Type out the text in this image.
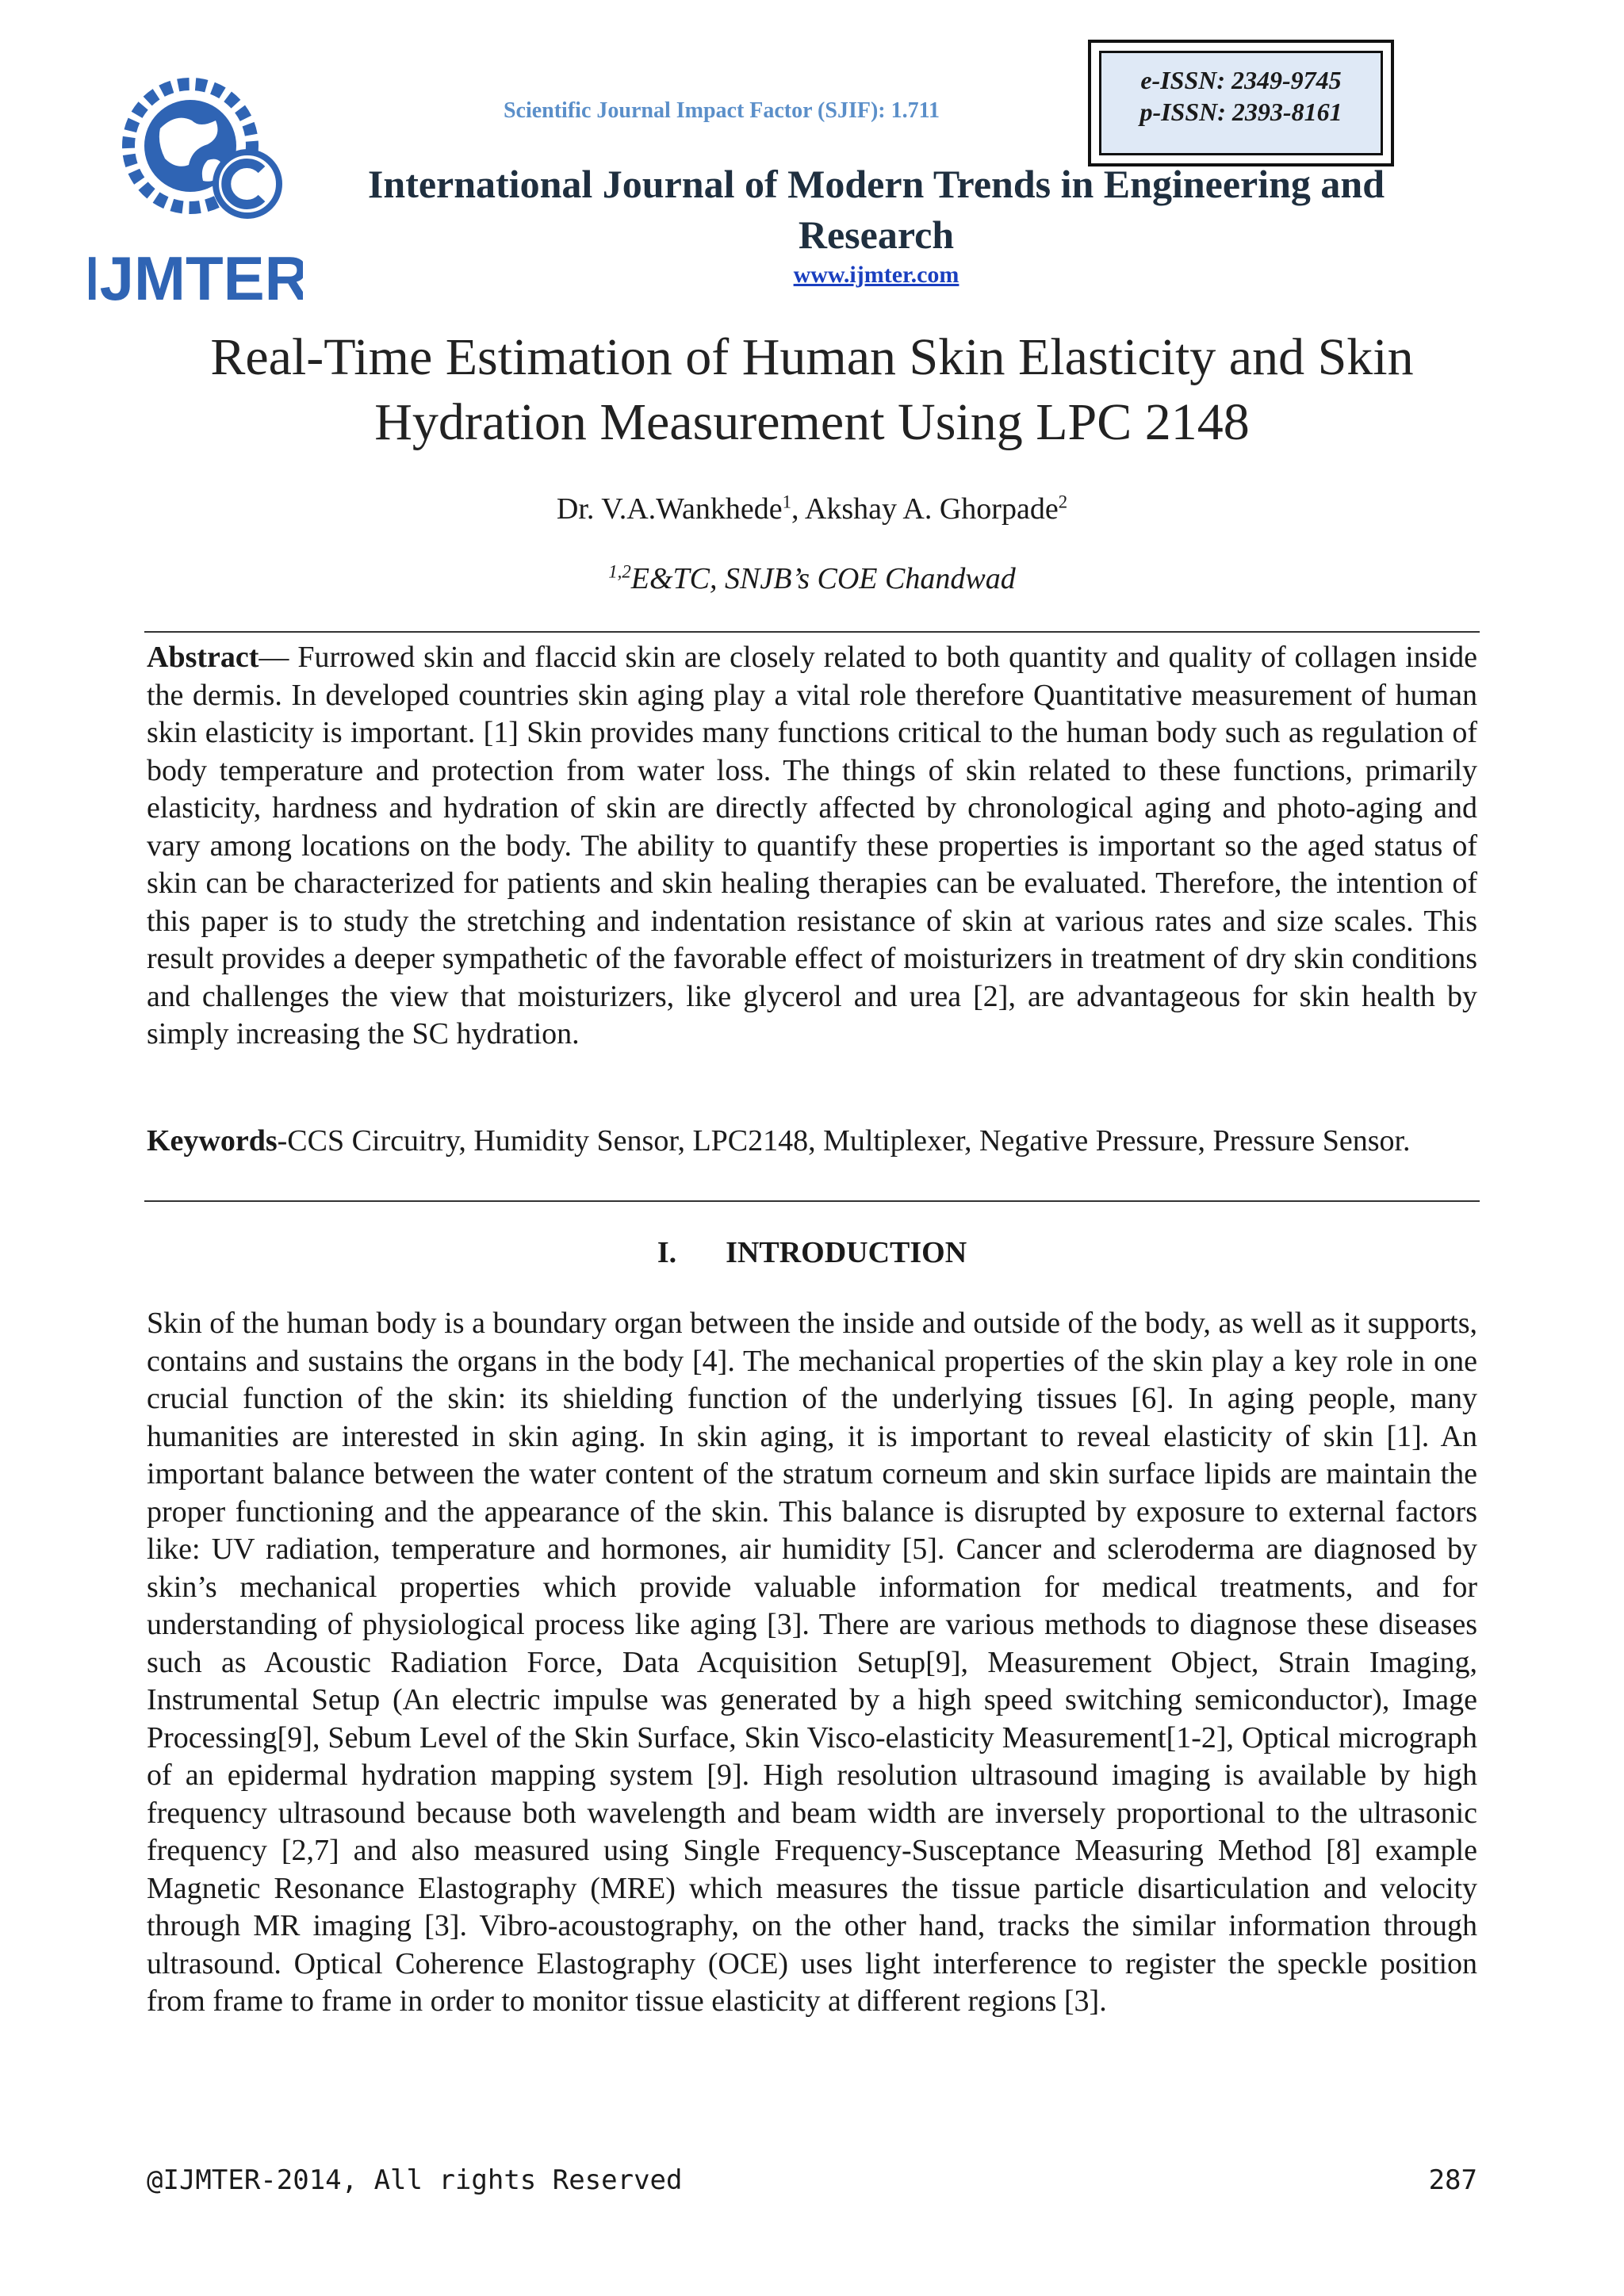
IJMTER
Scientific Journal Impact Factor (SJIF): 1.711
e-ISSN: 2349-9745
p-ISSN: 2393-8161
International Journal of Modern Trends in Engineering and Research
www.ijmter.com
Real-Time Estimation of Human Skin Elasticity and Skin Hydration Measurement Using LPC 2148
Dr. V.A.Wankhede$^1$, Akshay A. Ghorpade$^2$
$^{1,2}$E&TC, SNJB’s COE Chandwad
Abstract— Furrowed skin and flaccid skin are closely related to both quantity and quality of collagen inside the dermis. In developed countries skin aging play a vital role therefore Quantitative measurement of human skin elasticity is important. [1] Skin provides many functions critical to the human body such as regulation of body temperature and protection from water loss. The things of skin related to these functions, primarily elasticity, hardness and hydration of skin are directly affected by chronological aging and photo-aging and vary among locations on the body. The ability to quantify these properties is important so the aged status of skin can be characterized for patients and skin healing therapies can be evaluated. Therefore, the intention of this paper is to study the stretching and indentation resistance of skin at various rates and size scales. This result provides a deeper sympathetic of the favorable effect of moisturizers in treatment of dry skin conditions and challenges the view that moisturizers, like glycerol and urea [2], are advantageous for skin health by simply increasing the SC hydration.
Keywords-CCS Circuitry, Humidity Sensor, LPC2148, Multiplexer, Negative Pressure, Pressure Sensor.
I. INTRODUCTION
Skin of the human body is a boundary organ between the inside and outside of the body, as well as it supports, contains and sustains the organs in the body [4]. The mechanical properties of the skin play a key role in one crucial function of the skin: its shielding function of the underlying tissues [6]. In aging people, many humanities are interested in skin aging. In skin aging, it is important to reveal elasticity of skin [1]. An important balance between the water content of the stratum corneum and skin surface lipids are maintain the proper functioning and the appearance of the skin. This balance is disrupted by exposure to external factors like: UV radiation, temperature and hormones, air humidity [5]. Cancer and scleroderma are diagnosed by skin’s mechanical properties which provide valuable information for medical treatments, and for understanding of physiological process like aging [3]. There are various methods to diagnose these diseases such as Acoustic Radiation Force, Data Acquisition Setup[9], Measurement Object, Strain Imaging, Instrumental Setup (An electric impulse was generated by a high speed switching semiconductor), Image Processing[9], Sebum Level of the Skin Surface, Skin Visco-elasticity Measurement[1-2], Optical micrograph of an epidermal hydration mapping system [9]. High resolution ultrasound imaging is available by high frequency ultrasound because both wavelength and beam width are inversely proportional to the ultrasonic frequency [2,7] and also measured using Single Frequency-Susceptance Measuring Method [8] example Magnetic Resonance Elastography (MRE) which measures the tissue particle disarticulation and velocity through MR imaging [3]. Vibro-acoustography, on the other hand, tracks the similar information through ultrasound. Optical Coherence Elastography (OCE) uses light interference to register the speckle position from frame to frame in order to monitor tissue elasticity at different regions [3].
@IJMTER-2014, All rights Reserved	287
